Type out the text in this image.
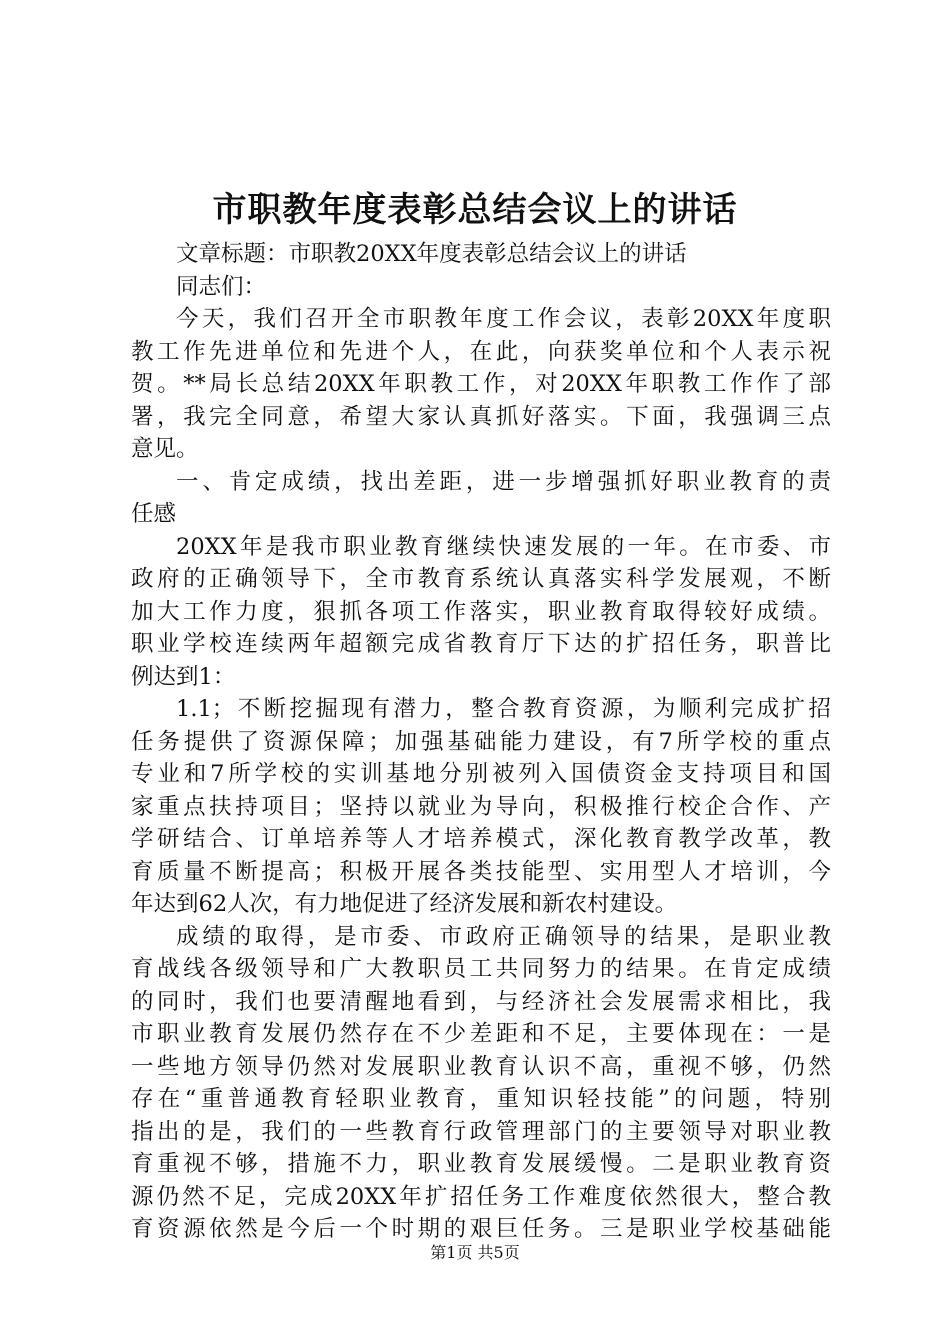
市职教年度表彰总结会议上的讲话
文章标题：市职教20XX年度表彰总结会议上的讲话
同志们：
今天，我们召开全市职教年度工作会议，表彰20XX年度职
教工作先进单位和先进个人，在此，向获奖单位和个人表示祝
贺。**局长总结20XX年职教工作，对20XX年职教工作作了部
署，我完全同意，希望大家认真抓好落实。下面，我强调三点
意见。
一、肯定成绩，找出差距，进一步增强抓好职业教育的责
任感
20XX年是我市职业教育继续快速发展的一年。在市委、市
政府的正确领导下，全市教育系统认真落实科学发展观，不断
加大工作力度，狠抓各项工作落实，职业教育取得较好成绩。
职业学校连续两年超额完成省教育厅下达的扩招任务，职普比
例达到1：
1.1；不断挖掘现有潜力，整合教育资源，为顺利完成扩招
任务提供了资源保障；加强基础能力建设，有7所学校的重点
专业和7所学校的实训基地分别被列入国债资金支持项目和国
家重点扶持项目；坚持以就业为导向，积极推行校企合作、产
学研结合、订单培养等人才培养模式，深化教育教学改革，教
育质量不断提高；积极开展各类技能型、实用型人才培训，今
年达到62人次，有力地促进了经济发展和新农村建设。
成绩的取得，是市委、市政府正确领导的结果，是职业教
育战线各级领导和广大教职员工共同努力的结果。在肯定成绩
的同时，我们也要清醒地看到，与经济社会发展需求相比，我
市职业教育发展仍然存在不少差距和不足，主要体现在：一是
一些地方领导仍然对发展职业教育认识不高，重视不够，仍然
存在“重普通教育轻职业教育，重知识轻技能”的问题，特别
指出的是，我们的一些教育行政管理部门的主要领导对职业教
育重视不够，措施不力，职业教育发展缓慢。二是职业教育资
源仍然不足，完成20XX年扩招任务工作难度依然很大，整合教
育资源依然是今后一个时期的艰巨任务。三是职业学校基础能
第1页 共5页
